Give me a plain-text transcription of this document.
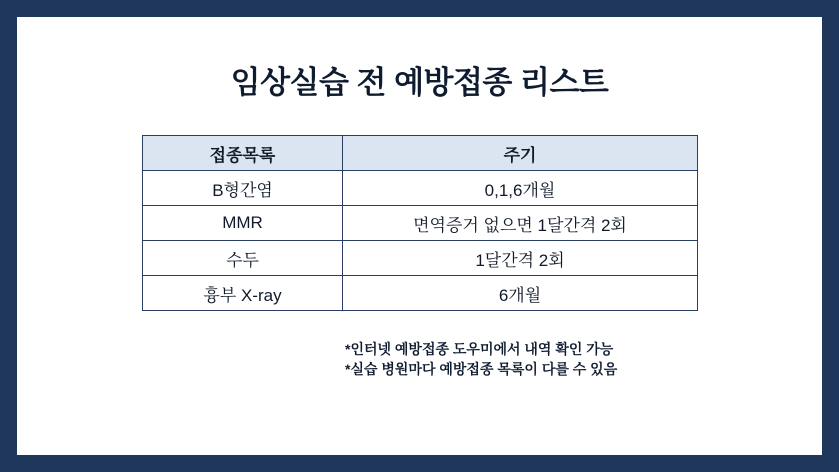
임상실습 전 예방접종 리스트
접종목록	주기
B형간염	0,1,6개월
MMR	면역증거 없으면 1달간격 2회
수두	1달간격 2회
흉부 X-ray	6개월
*인터넷 예방접종 도우미에서 내역 확인 가능
*실습 병원마다 예방접종 목록이 다를 수 있음
